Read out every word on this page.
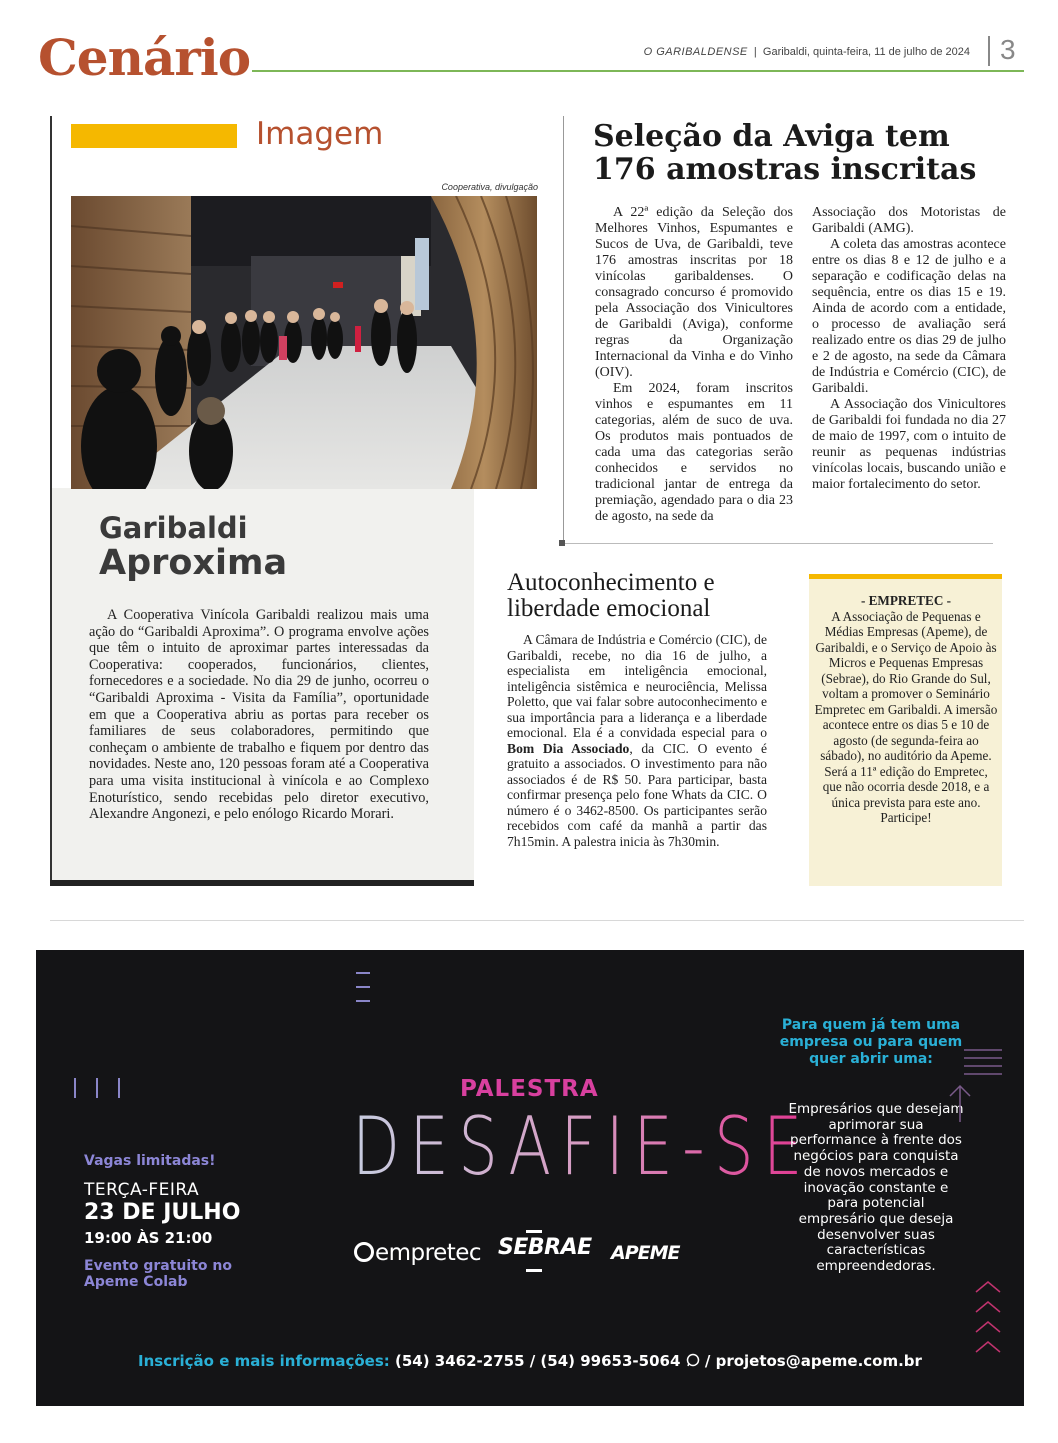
Cenário	O GARIBALDENSE | Garibaldi, quinta-feira, 11 de julho de 2024 3
Imagem
Cooperativa, divulgação
Garibaldi
Aproxima

A Cooperativa Vinícola Garibaldi realizou mais uma ação do “Garibaldi Aproxima”. O programa envolve ações que têm o intuito de aproximar partes interessadas da Cooperativa: cooperados, funcionários, clientes, fornecedores e a sociedade. No dia 29 de junho, ocorreu o “Garibaldi Aproxima - Visita da Família”, oportunidade em que a Cooperativa abriu as portas para receber os familiares de seus colaboradores, permitindo que conheçam o ambiente de trabalho e fiquem por dentro das novidades. Neste ano, 120 pessoas foram até a Cooperativa para uma visita institucional à vinícola e ao Complexo Enoturístico, sendo recebidas pelo diretor executivo, Alexandre Angonezi, e pelo enólogo Ricardo Morari.

Seleção da Aviga tem 176 amostras inscritas

A 22ª edição da Seleção dos Melhores Vinhos, Espumantes e Sucos de Uva, de Garibaldi, teve 176 amostras inscritas por 18 vinícolas garibaldenses. O consagrado concurso é promovido pela Associação dos Vinicultores de Garibaldi (Aviga), conforme regras da Organização Internacional da Vinha e do Vinho (OIV).

Em 2024, foram inscritos vinhos e espumantes em 11 categorias, além de suco de uva. Os produtos mais pontuados de cada uma das categorias serão conhecidos e servidos no tradicional jantar de entrega da premiação, agendado para o dia 23 de agosto, na sede da

Associação dos Motoristas de Garibaldi (AMG).

A coleta das amostras acontece entre os dias 8 e 12 de julho e a separação e codificação delas na sequência, entre os dias 15 e 19. Ainda de acordo com a entidade, o processo de avaliação será realizado entre os dias 29 de julho e 2 de agosto, na sede da Câmara de Indústria e Comércio (CIC), de Garibaldi.

A Associação dos Vinicultores de Garibaldi foi fundada no dia 27 de maio de 1997, com o intuito de reunir as pequenas indústrias vinícolas locais, buscando união e maior fortalecimento do setor.

Autoconhecimento e liberdade emocional

A Câmara de Indústria e Comércio (CIC), de Garibaldi, recebe, no dia 16 de julho, a especialista em inteligência emocional, inteligência sistêmica e neurociência, Melissa Poletto, que vai falar sobre autoconhecimento e sua importância para a liderança e a liberdade emocional. Ela é a convidada especial para o Bom Dia Associado, da CIC. O evento é gratuito a associados. O investimento para não associados é de R$ 50. Para participar, basta confirmar presença pelo fone Whats da CIC. O número é o 3462-8500. Os participantes serão recebidos com café da manhã a partir das 7h15min. A palestra inicia às 7h30min.

- EMPRETEC -
A Associação de Pequenas e Médias Empresas (Apeme), de Garibaldi, e o Serviço de Apoio às Micros e Pequenas Empresas (Sebrae), do Rio Grande do Sul, voltam a promover o Seminário Empretec em Garibaldi. A imersão acontece entre os dias 5 e 10 de agosto (de segunda-feira ao sábado), no auditório da Apeme. Será a 11ª edição do Empretec, que não ocorria desde 2018, e a única prevista para este ano. Participe!
PALESTRA
DESAFIE-SE
Vagas limitadas!
TERÇA-FEIRA
23 DE JULHO
19:00 ÀS 21:00
Evento gratuito no Apeme Colab
empretec SEBRAE APEME
Para quem já tem uma empresa ou para quem quer abrir uma:
Empresários que desejam aprimorar sua performance à frente dos negócios para conquista de novos mercados e inovação constante e para potencial empresário que deseja desenvolver suas características empreendedoras.
Inscrição e mais informações: (54) 3462-2755 / (54) 99653-5064 / projetos@apeme.com.br
